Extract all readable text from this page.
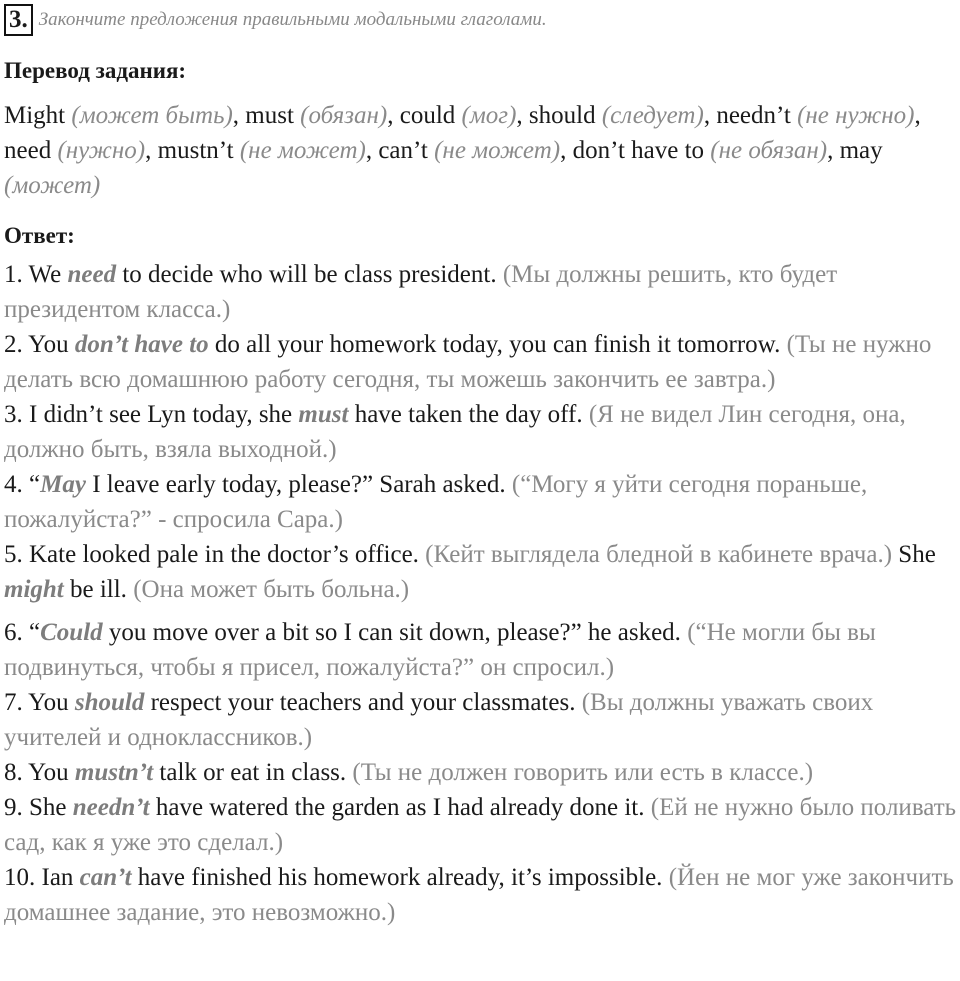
3. Закончите предложения правильными модальными глаголами.
Перевод задания:
Might (может быть), must (обязан), could (мог), should (следует), needn’t (не нужно), need (нужно), mustn’t (не может), can’t (не может), don’t have to (не обязан), may (может)
Ответ:
1. We need to decide who will be class president. (Мы должны решить, кто будет президентом класса.)
2. You don’t have to do all your homework today, you can finish it tomorrow. (Ты не нужно делать всю домашнюю работу сегодня, ты можешь закончить ее завтра.)
3. I didn’t see Lyn today, she must have taken the day off. (Я не видел Лин сегодня, она, должно быть, взяла выходной.)
4. “May I leave early today, please?” Sarah asked. (“Могу я уйти сегодня пораньше, пожалуйста?” - спросила Сара.)
5. Kate looked pale in the doctor’s office. (Кейт выглядела бледной в кабинете врача.) She might be ill. (Она может быть больна.)
6. “Could you move over a bit so I can sit down, please?” he asked. (“Не могли бы вы подвинуться, чтобы я присел, пожалуйста?” он спросил.)
7. You should respect your teachers and your classmates. (Вы должны уважать своих учителей и одноклассников.)
8. You mustn’t talk or eat in class. (Ты не должен говорить или есть в классе.)
9. She needn’t have watered the garden as I had already done it. (Ей не нужно было поливать сад, как я уже это сделал.)
10. Ian can’t have finished his homework already, it’s impossible. (Йен не мог уже закончить домашнее задание, это невозможно.)
